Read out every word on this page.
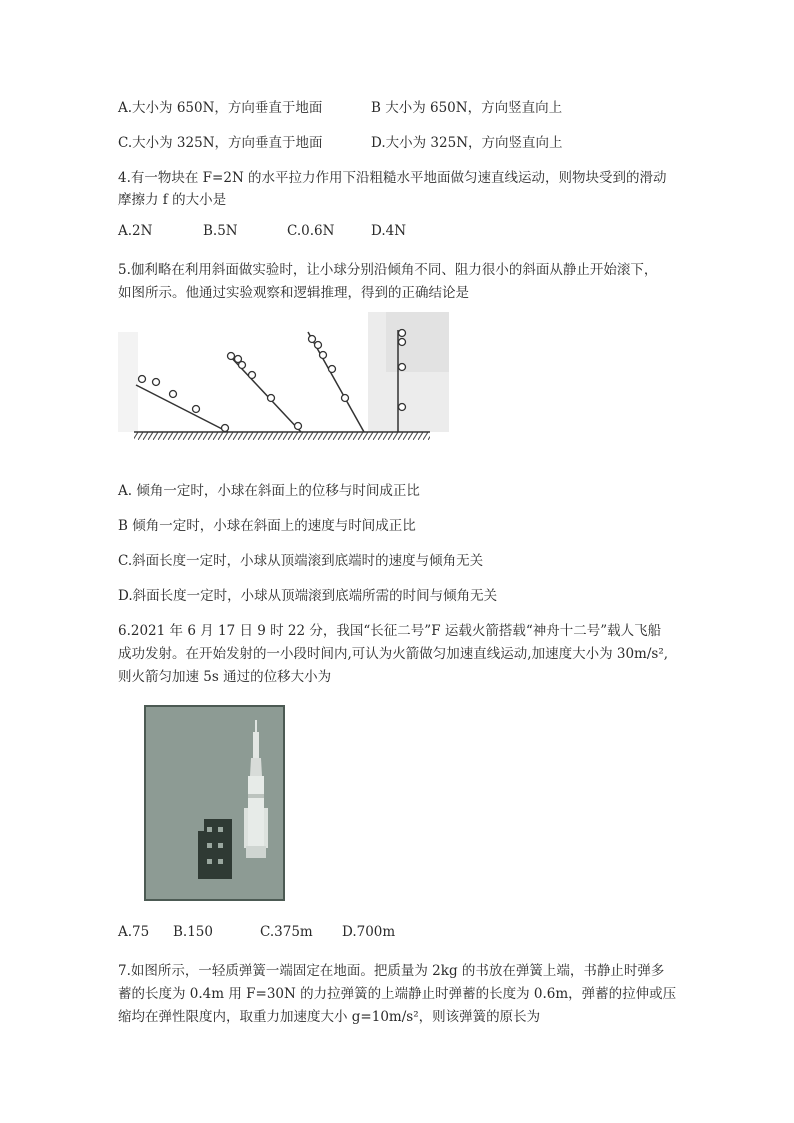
A.大小为 650N，方向垂直于地面	B 大小为 650N，方向竖直向上
C.大小为 325N，方向垂直于地面	D.大小为 325N，方向竖直向上
4.有一物块在 F=2N 的水平拉力作用下沿粗糙水平地面做匀速直线运动，则物块受到的滑动
摩擦力 f 的大小是
A.2N	B.5N	C.0.6N	D.4N
5.伽利略在利用斜面做实验时，让小球分别沿倾角不同、阻力很小的斜面从静止开始滚下，
如图所示。他通过实验观察和逻辑推理，得到的正确结论是
A. 倾角一定时，小球在斜面上的位移与时间成正比
B 倾角一定时，小球在斜面上的速度与时间成正比
C.斜面长度一定时，小球从顶端滚到底端时的速度与倾角无关
D.斜面长度一定时，小球从顶端滚到底端所需的时间与倾角无关
6.2021 年 6 月 17 日 9 时 22 分，我国“长征二号”F 运载火箭搭载“神舟十二号”载人飞船
成功发射。在开始发射的一小段时间内,可认为火箭做匀加速直线运动,加速度大小为 30m/s²,
则火箭匀加速 5s 通过的位移大小为
A.75 B.150	C.375m D.700m
7.如图所示，一轻质弹簧一端固定在地面。把质量为 2kg 的书放在弹簧上端，书静止时弹多
蓄的长度为 0.4m 用 F=30N 的力拉弹簧的上端静止时弹蓄的长度为 0.6m，弹蓄的拉伸或压
缩均在弹性限度内，取重力加速度大小 g=10m/s²，则该弹簧的原长为
